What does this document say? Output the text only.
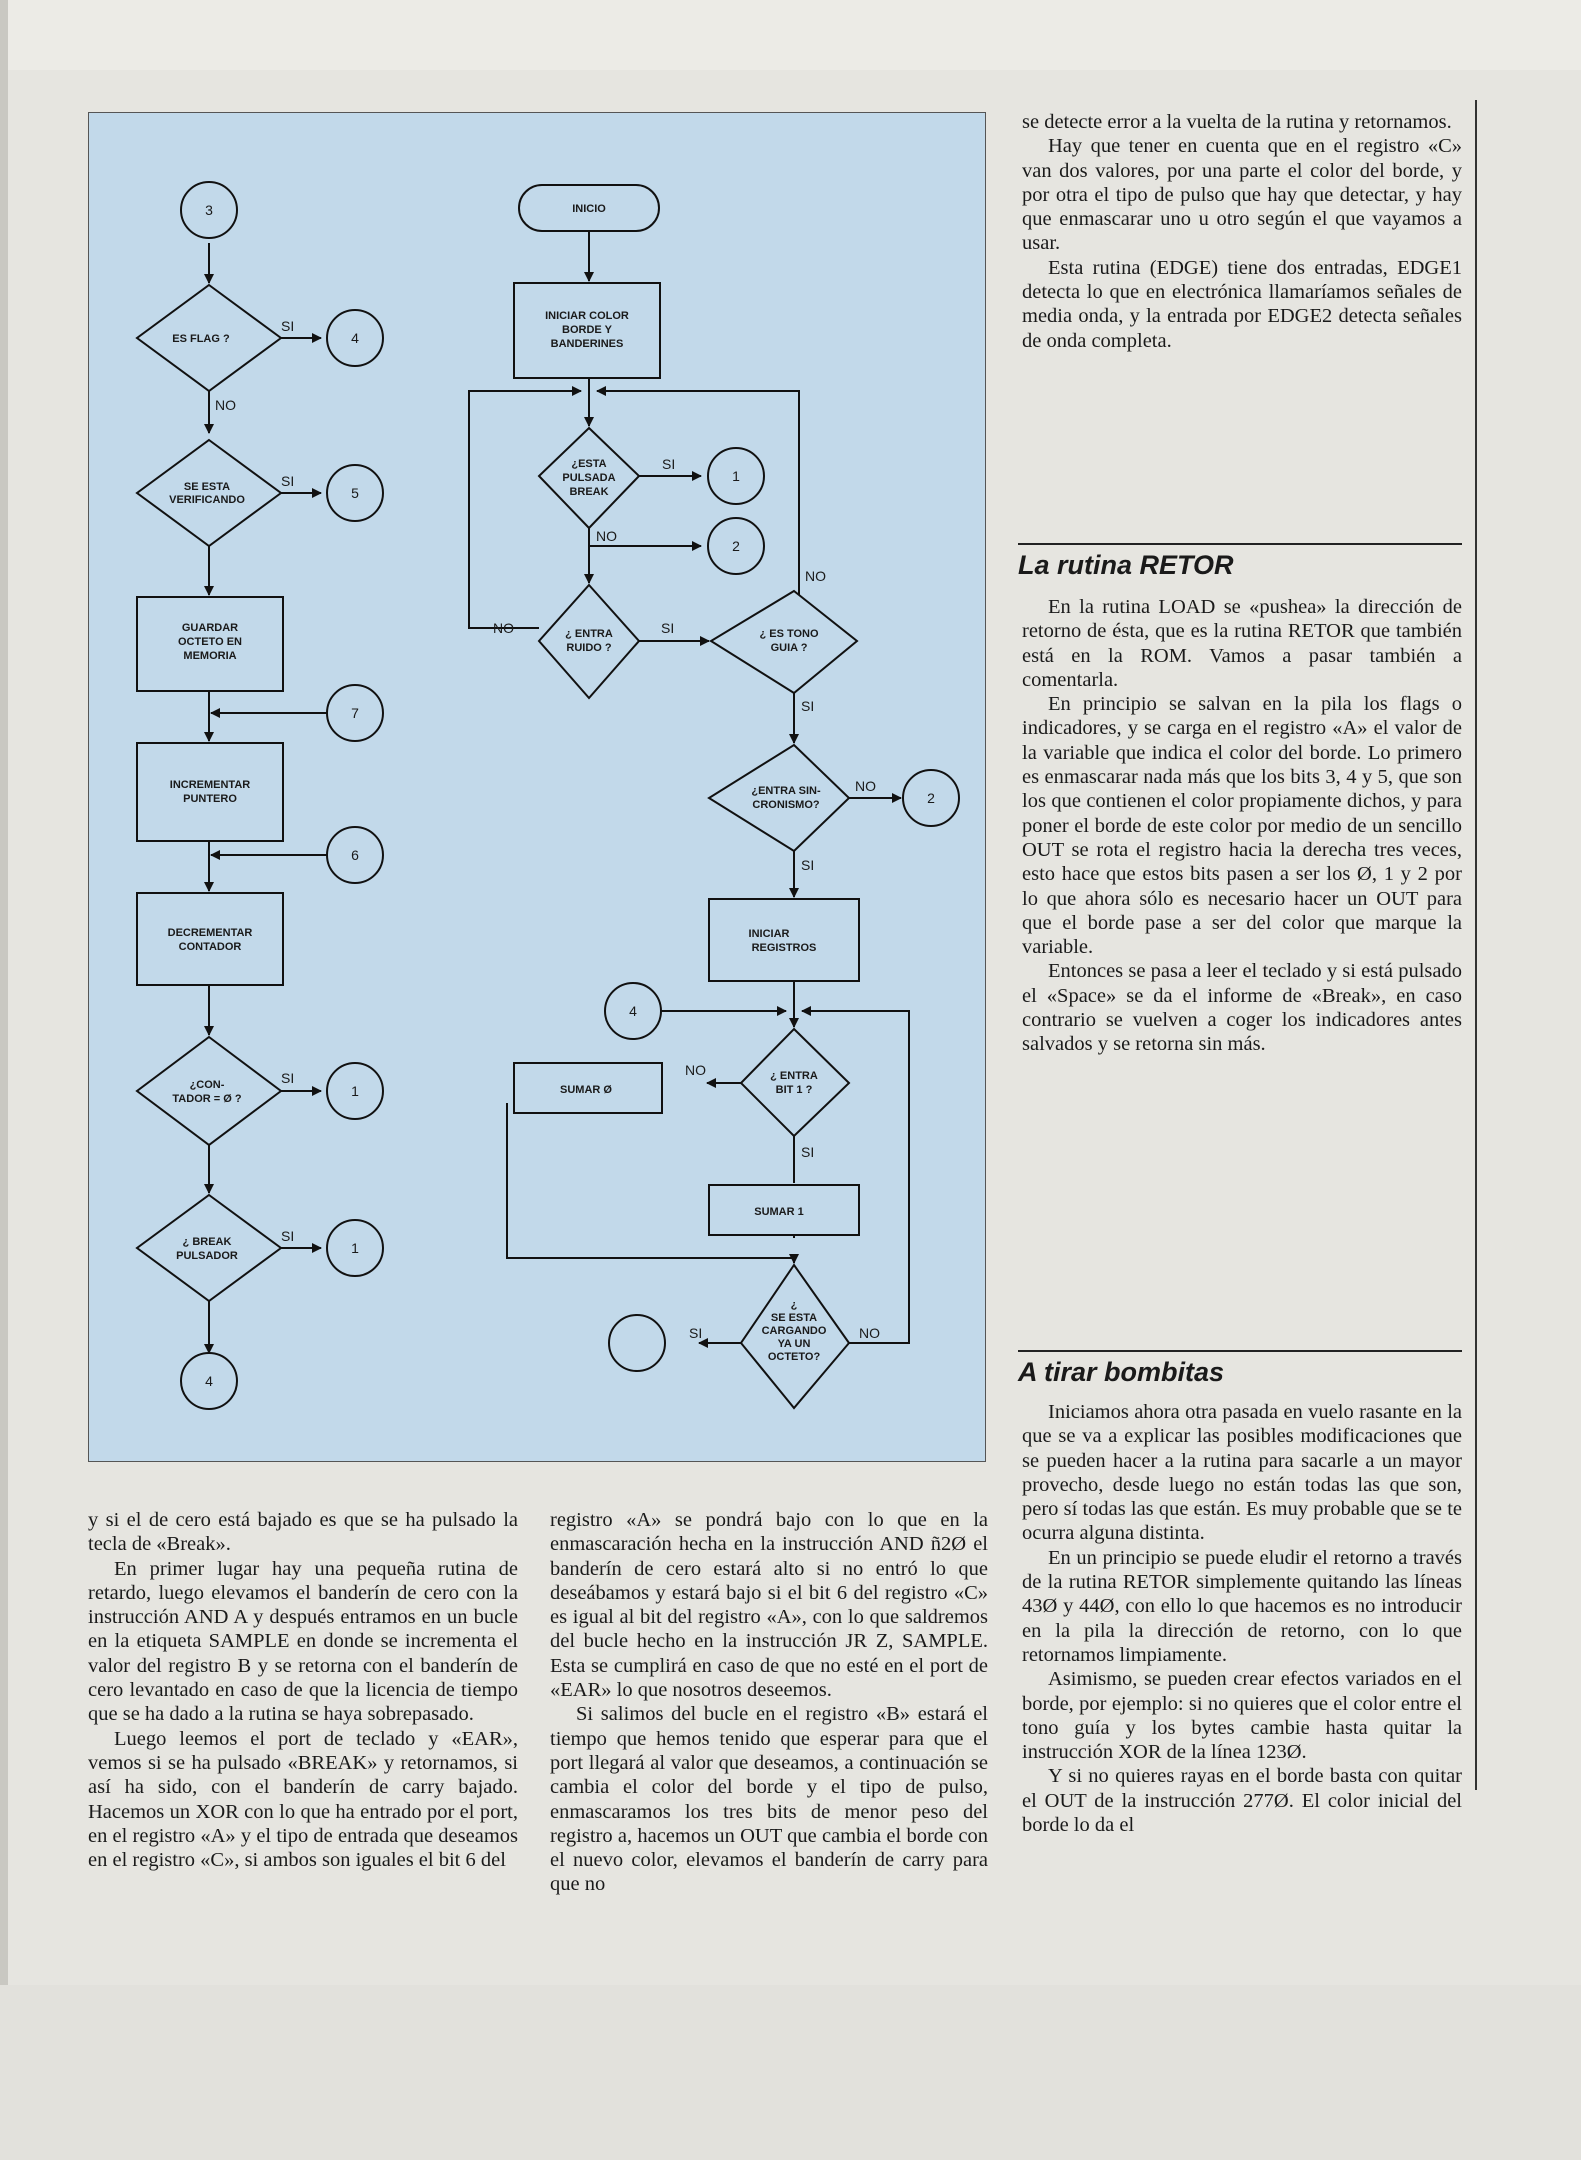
3
ES FLAG ?
SI
4
NO
SE ESTA
VERIFICANDO
SI
5
GUARDAR
OCTETO EN
MEMORIA
7
INCREMENTAR
PUNTERO
6
DECREMENTAR
CONTADOR
¿CON-
TADOR = Ø ?
SI
1
¿ BREAK
PULSADOR
SI
1
4
INICIO
INICIAR COLOR
BORDE Y
BANDERINES
¿ESTA
PULSADA
BREAK
SI
1
NO
2
¿ ENTRA
RUIDO ?
NO	SI
NO
¿ ES TONO
GUIA ?
SI
¿ENTRA SIN-
CRONISMO?
NO
2
SI
INICIAR
REGISTROS
4
¿ ENTRA
BIT 1 ?
NO
SUMAR Ø
SI
SUMAR 1
¿
SE ESTA
CARGANDO
YA UN
OCTETO?
SI	NO

se detecte error a la vuelta de la rutina y retornamos.

Hay que tener en cuenta que en el registro «C» van dos valores, por una parte el color del borde, y por otra el tipo de pulso que hay que detectar, y hay que enmascarar uno u otro según el que vayamos a usar.

Esta rutina (EDGE) tiene dos entradas, EDGE1 detecta lo que en electrónica llamaríamos señales de media onda, y la entrada por EDGE2 detecta señales de onda completa.

La rutina RETOR

En la rutina LOAD se «pushea» la dirección de retorno de ésta, que es la rutina RETOR que también está en la ROM. Vamos a pasar también a comentarla.

En principio se salvan en la pila los flags o indicadores, y se carga en el registro «A» el valor de la variable que indica el color del borde. Lo primero es enmascarar nada más que los bits 3, 4 y 5, que son los que contienen el color propiamente dichos, y para poner el borde de este color por medio de un sencillo OUT se rota el registro hacia la derecha tres veces, esto hace que estos bits pasen a ser los Ø, 1 y 2 por lo que ahora sólo es necesario hacer un OUT para que el borde pase a ser del color que marque la variable.

Entonces se pasa a leer el teclado y si está pulsado el «Space» se da el informe de «Break», en caso contrario se vuelven a coger los indicadores antes salvados y se retorna sin más.

A tirar bombitas

Iniciamos ahora otra pasada en vuelo rasante en la que se va a explicar las posibles modificaciones que se pueden hacer a la rutina para sacarle a un mayor provecho, desde luego no están todas las que son, pero sí todas las que están. Es muy probable que se te ocurra alguna distinta.

En un principio se puede eludir el retorno a través de la rutina RETOR simplemente quitando las líneas 43Ø y 44Ø, con ello lo que hacemos es no introducir en la pila la dirección de retorno, con lo que retornamos limpiamente.

Asimismo, se pueden crear efectos variados en el borde, por ejemplo: si no quieres que el color entre el tono guía y los bytes cambie hasta quitar la instrucción XOR de la línea 123Ø.

Y si no quieres rayas en el borde basta con quitar el OUT de la instrucción 277Ø. El color inicial del borde lo da el

y si el de cero está bajado es que se ha pulsado la tecla de «Break».

En primer lugar hay una pequeña rutina de retardo, luego elevamos el banderín de cero con la instrucción AND A y después entramos en un bucle en la etiqueta SAMPLE en donde se incrementa el valor del registro B y se retorna con el banderín de cero levantado en caso de que la licencia de tiempo que se ha dado a la rutina se haya sobrepasado.

Luego leemos el port de teclado y «EAR», vemos si se ha pulsado «BREAK» y retornamos, si así ha sido, con el banderín de carry bajado. Hacemos un XOR con lo que ha entrado por el port, en el registro «A» y el tipo de entrada que deseamos en el registro «C», si ambos son iguales el bit 6 del

registro «A» se pondrá bajo con lo que en la enmascaración hecha en la instrucción AND ñ2Ø el banderín de cero estará alto si no entró lo que deseábamos y estará bajo si el bit 6 del registro «C» es igual al bit del registro «A», con lo que saldremos del bucle hecho en la instrucción JR Z, SAMPLE. Esta se cumplirá en caso de que no esté en el port de «EAR» lo que nosotros deseemos.

Si salimos del bucle en el registro «B» estará el tiempo que hemos tenido que esperar para que el port llegará al valor que deseamos, a continuación se cambia el color del borde y el tipo de pulso, enmascaramos los tres bits de menor peso del registro a, hacemos un OUT que cambia el borde con el nuevo color, elevamos el banderín de carry para que no
